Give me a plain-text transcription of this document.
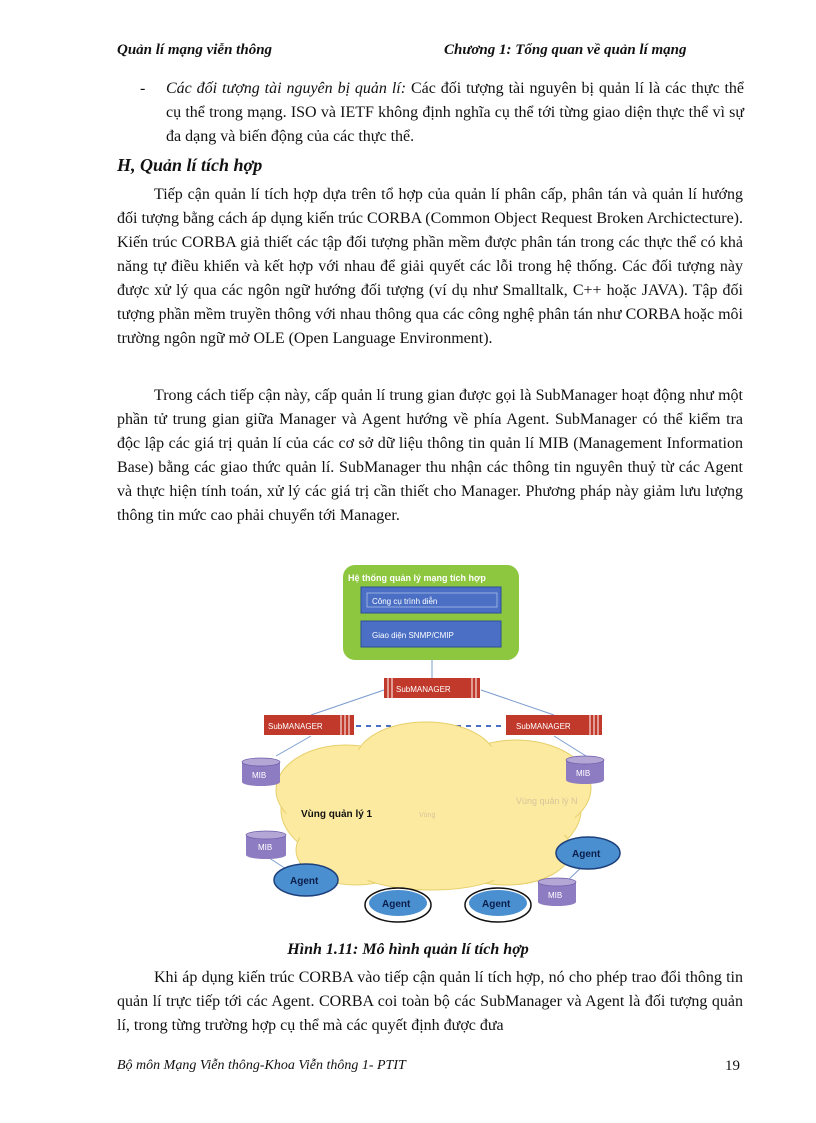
Quản lí mạng viễn thông	Chương 1: Tổng quan về quản lí mạng
- Các đối tượng tài nguyên bị quản lí: Các đối tượng tài nguyên bị quản lí là các thực thể cụ thể trong mạng. ISO và IETF không định nghĩa cụ thể tới từng giao diện thực thể vì sự đa dạng và biến động của các thực thể.
H, Quản lí tích hợp
Tiếp cận quản lí tích hợp dựa trên tổ hợp của quản lí phân cấp, phân tán và quản lí hướng đối tượng bằng cách áp dụng kiến trúc CORBA (Common Object Request Broken Archictecture). Kiến trúc CORBA giả thiết các tập đối tượng phần mềm được phân tán trong các thực thể có khả năng tự điều khiển và kết hợp với nhau để giải quyết các lỗi trong hệ thống. Các đối tượng này được xử lý qua các ngôn ngữ hướng đối tượng (ví dụ như Smalltalk, C++ hoặc JAVA). Tập đối tượng phần mềm truyền thông với nhau thông qua các công nghệ phân tán như CORBA hoặc môi trường ngôn ngữ mở OLE (Open Language Environment).
Trong cách tiếp cận này, cấp quản lí trung gian được gọi là SubManager hoạt động như một phần tử trung gian giữa Manager và Agent hướng về phía Agent. SubManager có thể kiểm tra độc lập các giá trị quản lí của các cơ sở dữ liệu thông tin quản lí MIB (Management Information Base) bằng các giao thức quản lí. SubManager thu nhận các thông tin nguyên thuỷ từ các Agent và thực hiện tính toán, xử lý các giá trị cần thiết cho Manager. Phương pháp này giảm lưu lượng thông tin mức cao phải chuyển tới Manager.
Vùng quản lý 1
Vùng quản lý N
Vùng
Hệ thống quản lý mạng tích hợp
Công cụ trình diễn
Giao diện SNMP/CMIP
SubMANAGER
SubMANAGER	SubMANAGER
MIB	MIB
MIB
MIB
Agent
Agent	Agent
Agent
Hình 1.11: Mô hình quản lí tích hợp
Khi áp dụng kiến trúc CORBA vào tiếp cận quản lí tích hợp, nó cho phép trao đổi thông tin quản lí trực tiếp tới các Agent. CORBA coi toàn bộ các SubManager và Agent là đối tượng quản lí, trong từng trường hợp cụ thể mà các quyết định được đưa
Bộ môn Mạng Viễn thông-Khoa Viễn thông 1- PTIT	19
